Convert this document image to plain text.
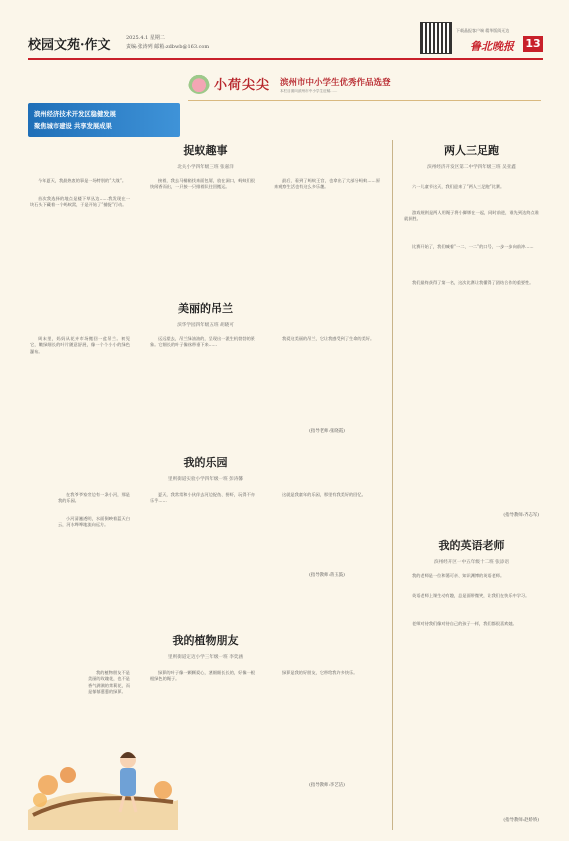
校园文苑·作文	2025.4.1 星期二
责编:张涛列 邮箱:zdbwb@163.com
下载晶报客户端 精华版阅无边
鲁北晚报 13
小荷尖尖 滨州市中小学生优秀作品选登
本栏目面向滨州市中小学生征稿……
滨州经济技术开发区稳健发展
聚焦城市建设 共享发展成果
捉蚁趣事
北关小学四年级三班 张嘉洋
今年夏天，我最热衷的事是一场特别的“大战”。
首次我选择的地点是楼下草丛边……我发现在一块石头下藏着一个蚂蚁窝，于是开始了“捕捉”行动。
接着，我去马桶箱找来面包屑，放在洞口，蚂蚁们很快闻香而出，一只接一只排着队往回搬运。
最后，看到了蚂蚁王宫，也拿出了大部分蚂蚁……原来观察生活也有这么多乐趣。
美丽的吊兰
滨华学园四年级五班 胡晓可
周末里，妈妈从花卉市场搬回一盆吊兰。初见它，嫩绿细长的叶片随意舒展，像一个个小小的绿色瀑布。
远远望去，吊兰绿油油的，呈现出一派生机勃勃的景象。它细长的叶子像丝带垂下来……
我爱这美丽的吊兰，它让我感受到了生命的美好。
(指导老师:张晓霞)
我的乐园
里则街道实验小学四年级一班 彭涛馨
在我爷爷家旁边有一条小河，那是我的乐园。
小河清澈透明，水面倒映着蓝天白云，河水哗哗地流向远方。
夏天，我常常和小伙伴去河边捉鱼、捞虾，玩得不亦乐乎……
这就是我童年的乐园，那里有我美好的回忆。
(指导教师:蒋玉鼓)
我的植物朋友
里则街道定迈小学三年级一班 李奕涵
我的植物朋友不是美丽的玫瑰花，也不是香气满满的茉莉花，而是郁郁葱葱的绿萝。
绿萝的叶子像一颗颗爱心，茎细细长长的，好像一根根绿色的绳子。
绿萝是我的好朋友，它带给我许多快乐。
(指导教师:李艺洁)
两人三足跑
滨州经济开发区第二中学四年级三班 吴亚鑫
六一儿童节这天，我们迎来了“两人三足跑”比赛。
游戏规则是两人用绳子将小脚绑在一起，同时前进，谁先到达终点谁就获胜。
比赛开始了，我们喊着“一二、一二”的口号，一步一步向前冲……
我们最终获得了第一名，这次比赛让我懂得了团结合作的重要性。
(指导教师:齐志军)
我的英语老师
滨州经开区一中五年级十二班 张添语
我的老师是一位和蔼可亲、知识渊博的英语老师。
英语老师上课生动有趣，总是面带微笑，让我们在快乐中学习。
老师对待我们像对待自己的孩子一样，我们都很喜欢她。
(指导教师:赵娇娇)
